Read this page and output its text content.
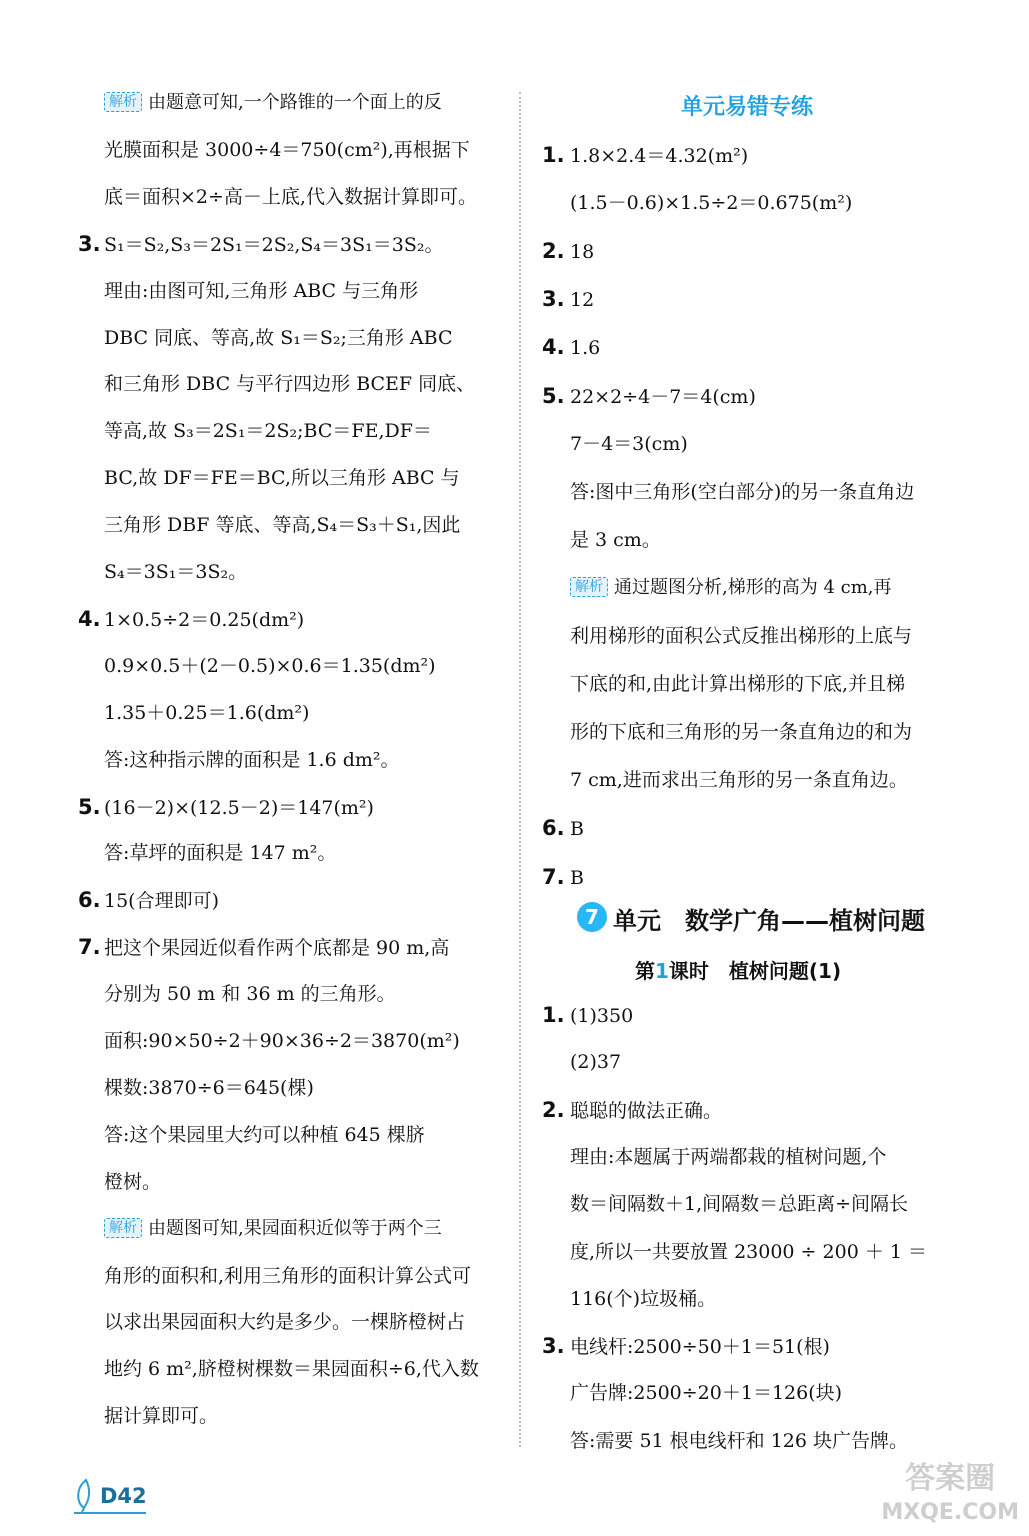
解析 由题意可知,一个路锥的一个面上的反
光膜面积是 3000÷4＝750(cm²),再根据下
底＝面积×2÷高－上底,代入数据计算即可。
3. S₁＝S₂,S₃＝2S₁＝2S₂,S₄＝3S₁＝3S₂。
理由:由图可知,三角形 ABC 与三角形
DBC 同底、等高,故 S₁＝S₂;三角形 ABC
和三角形 DBC 与平行四边形 BCEF 同底、
等高,故 S₃＝2S₁＝2S₂;BC＝FE,DF＝
BC,故 DF＝FE＝BC,所以三角形 ABC 与
三角形 DBF 等底、等高,S₄＝S₃＋S₁,因此
S₄＝3S₁＝3S₂。
4. 1×0.5÷2＝0.25(dm²)
0.9×0.5＋(2－0.5)×0.6＝1.35(dm²)
1.35＋0.25＝1.6(dm²)
答:这种指示牌的面积是 1.6 dm²。
5. (16－2)×(12.5－2)＝147(m²)
答:草坪的面积是 147 m²。
6. 15(合理即可)
7. 把这个果园近似看作两个底都是 90 m,高
分别为 50 m 和 36 m 的三角形。
面积:90×50÷2＋90×36÷2＝3870(m²)
棵数:3870÷6＝645(棵)
答:这个果园里大约可以种植 645 棵脐
橙树。
解析 由题图可知,果园面积近似等于两个三
角形的面积和,利用三角形的面积计算公式可
以求出果园面积大约是多少。一棵脐橙树占
地约 6 m²,脐橙树棵数＝果园面积÷6,代入数
据计算即可。
单元易错专练
7 单元　数学广角——植树问题
第1课时　植树问题(1)
1. 1.8×2.4＝4.32(m²)
(1.5－0.6)×1.5÷2＝0.675(m²)
2. 18
3. 12
4. 1.6
5. 22×2÷4－7＝4(cm)
7－4＝3(cm)
答:图中三角形(空白部分)的另一条直角边
是 3 cm。
解析 通过题图分析,梯形的高为 4 cm,再
利用梯形的面积公式反推出梯形的上底与
下底的和,由此计算出梯形的下底,并且梯
形的下底和三角形的另一条直角边的和为
7 cm,进而求出三角形的另一条直角边。
6. B
7. B
1. (1)350
(2)37
2. 聪聪的做法正确。
理由:本题属于两端都栽的植树问题,个
数＝间隔数＋1,间隔数＝总距离÷间隔长
度,所以一共要放置 23000 ÷ 200 ＋ 1 ＝
116(个)垃圾桶。
3. 电线杆:2500÷50＋1＝51(根)
广告牌:2500÷20＋1＝126(块)
答:需要 51 根电线杆和 126 块广告牌。
D42	答案圈
MXQE.COM
